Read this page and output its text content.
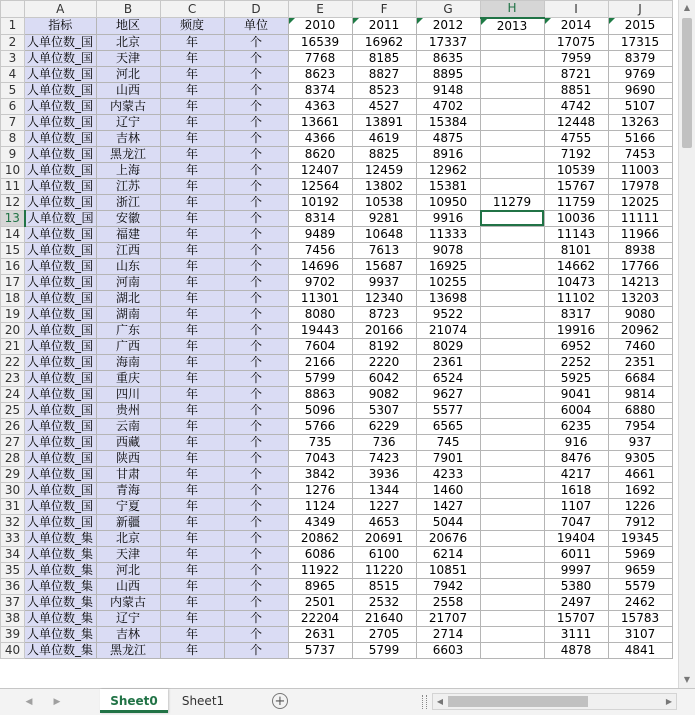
	A	B	C	D	E	F	G	H	I	J
1	指标	地区	频度	单位	2010	2011	2012	2013	2014	2015
2	人单位数_国	北京	年	个	16539	16962	17337		17075	17315
3	人单位数_国	天津	年	个	7768	8185	8635		7959	8379
4	人单位数_国	河北	年	个	8623	8827	8895		8721	9769
5	人单位数_国	山西	年	个	8374	8523	9148		8851	9690
6	人单位数_国	内蒙古	年	个	4363	4527	4702		4742	5107
7	人单位数_国	辽宁	年	个	13661	13891	15384		12448	13263
8	人单位数_国	吉林	年	个	4366	4619	4875		4755	5166
9	人单位数_国	黑龙江	年	个	8620	8825	8916		7192	7453
10	人单位数_国	上海	年	个	12407	12459	12962		10539	11003
11	人单位数_国	江苏	年	个	12564	13802	15381		15767	17978
12	人单位数_国	浙江	年	个	10192	10538	10950	11279	11759	12025
13	人单位数_国	安徽	年	个	8314	9281	9916		10036	11111
14	人单位数_国	福建	年	个	9489	10648	11333		11143	11966
15	人单位数_国	江西	年	个	7456	7613	9078		8101	8938
16	人单位数_国	山东	年	个	14696	15687	16925		14662	17766
17	人单位数_国	河南	年	个	9702	9937	10255		10473	14213
18	人单位数_国	湖北	年	个	11301	12340	13698		11102	13203
19	人单位数_国	湖南	年	个	8080	8723	9522		8317	9080
20	人单位数_国	广东	年	个	19443	20166	21074		19916	20962
21	人单位数_国	广西	年	个	7604	8192	8029		6952	7460
22	人单位数_国	海南	年	个	2166	2220	2361		2252	2351
23	人单位数_国	重庆	年	个	5799	6042	6524		5925	6684
24	人单位数_国	四川	年	个	8863	9082	9627		9041	9814
25	人单位数_国	贵州	年	个	5096	5307	5577		6004	6880
26	人单位数_国	云南	年	个	5766	6229	6565		6235	7954
27	人单位数_国	西藏	年	个	735	736	745		916	937
28	人单位数_国	陕西	年	个	7043	7423	7901		8476	9305
29	人单位数_国	甘肃	年	个	3842	3936	4233		4217	4661
30	人单位数_国	青海	年	个	1276	1344	1460		1618	1692
31	人单位数_国	宁夏	年	个	1124	1227	1427		1107	1226
32	人单位数_国	新疆	年	个	4349	4653	5044		7047	7912
33	人单位数_集	北京	年	个	20862	20691	20676		19404	19345
34	人单位数_集	天津	年	个	6086	6100	6214		6011	5969
35	人单位数_集	河北	年	个	11922	11220	10851		9997	9659
36	人单位数_集	山西	年	个	8965	8515	7942		5380	5579
37	人单位数_集	内蒙古	年	个	2501	2532	2558		2497	2462
38	人单位数_集	辽宁	年	个	22204	21640	21707		15707	15783
39	人单位数_集	吉林	年	个	2631	2705	2714		3111	3107
40	人单位数_集	黑龙江	年	个	5737	5799	6603		4878	4841
▲
▼
◀	▶	Sheet0	Sheet1	+	◀	▶
